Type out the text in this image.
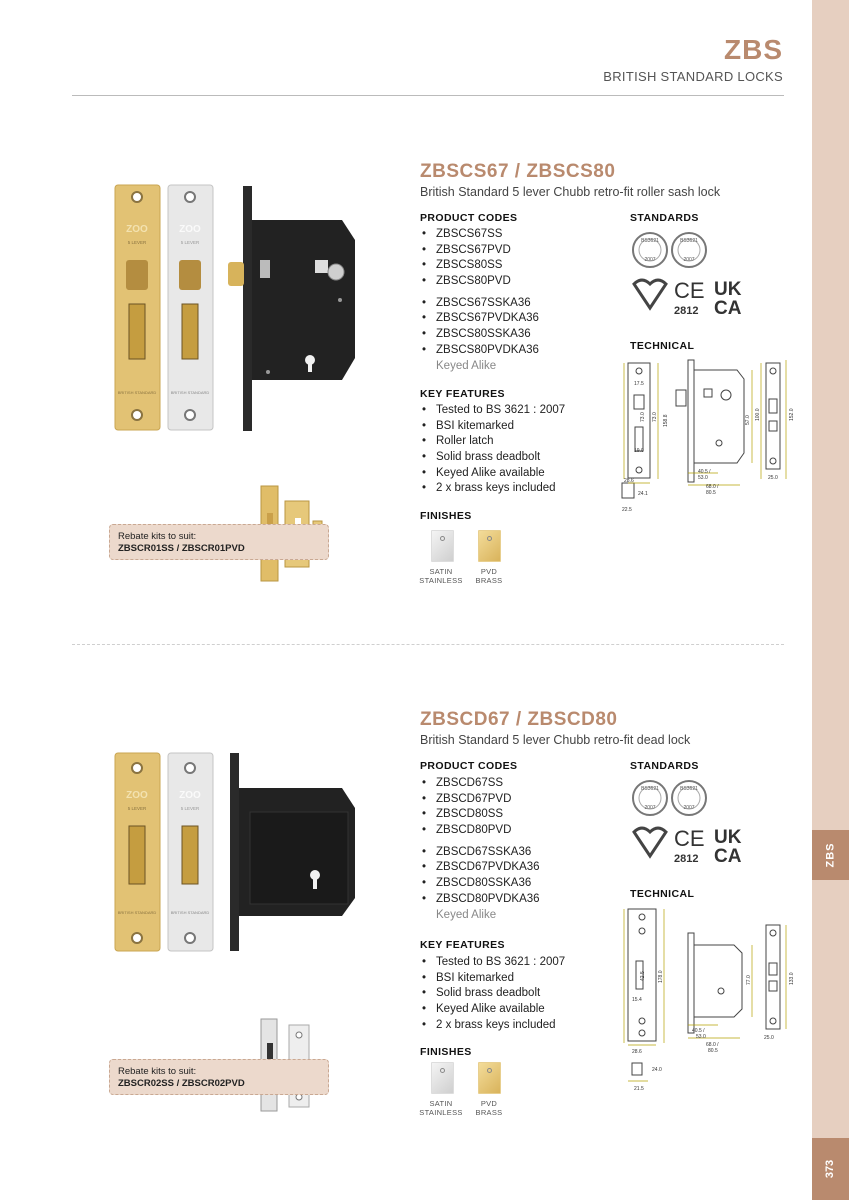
ZBS
BRITISH STANDARD LOCKS
ZBS
373
ZOO
5 LEVER
BRITISH STANDARD
ZOO
5 LEVER
BRITISH STANDARD
Rebate kits to suit:
ZBSCR01SS / ZBSCR01PVD
ZBSCS67 / ZBSCS80
British Standard 5 lever Chubb retro-fit roller sash lock
PRODUCT CODES
• ZBSCS67SS
• ZBSCS67PVD
• ZBSCS80SS
• ZBSCS80PVD
• ZBSCS67SSKA36
• ZBSCS67PVDKA36
• ZBSCS80SSKA36
• ZBSCS80PVDKA36
Keyed Alike
KEY FEATURES
• Tested to BS 3621 : 2007
• BSI kitemarked
• Roller latch
• Solid brass deadbolt
• Keyed Alike available
• 2 x brass keys included
FINISHES
SATIN
STAINLESS
PVD
BRASS
STANDARDS
BS3621
2007
BS3621
2007
CE
2812
UK
CA
TECHNICAL
17.5
73.0 73.0 158.8
19.0
28.6
57.0 100.0	152.0
40.5 /
53.0
68.0 /
80.5
25.0
24.1
22.5
ZOO
5 LEVER
BRITISH STANDARD
ZOO
5 LEVER
BRITISH STANDARD
Rebate kits to suit:
ZBSCR02SS / ZBSCR02PVD
ZBSCD67 / ZBSCD80
British Standard 5 lever Chubb retro-fit dead lock
PRODUCT CODES
• ZBSCD67SS
• ZBSCD67PVD
• ZBSCD80SS
• ZBSCD80PVD
• ZBSCD67SSKA36
• ZBSCD67PVDKA36
• ZBSCD80SSKA36
• ZBSCD80PVDKA36
Keyed Alike
KEY FEATURES
• Tested to BS 3621 : 2007
• BSI kitemarked
• Solid brass deadbolt
• Keyed Alike available
• 2 x brass keys included
FINISHES
SATIN
STAINLESS
PVD
BRASS
STANDARDS
BS3621
2007
BS3621
2007
CE
2812
UK
CA
TECHNICAL
42.5 178.0
15.4
28.6
77.0	133.0
40.5 /
53.0
68.0 /
80.5
25.0
24.0
21.5
